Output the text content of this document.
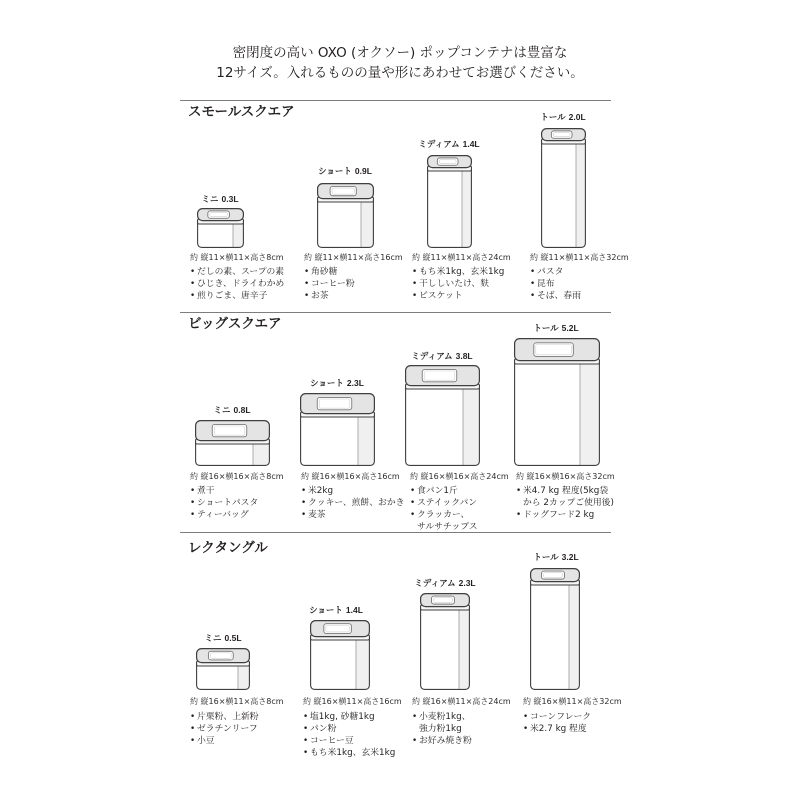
密閉度の高い OXO (オクソー) ポップコンテナは豊富な
12サイズ。入れるものの量や形にあわせてお選びください。
スモールスクエア
ミニ 0.3L
約 縦11×横11×高さ8cm
• だしの素、スープの素
• ひじき、ドライわかめ
• 煎りごま、唐辛子
ショート 0.9L
約 縦11×横11×高さ16cm
• 角砂糖
• コーヒー粉
• お茶
ミディアム 1.4L
約 縦11×横11×高さ24cm
• もち米1kg、玄米1kg
• 干ししいたけ、麩
• ビスケット
トール 2.0L
約 縦11×横11×高さ32cm
• パスタ
• 昆布
• そば、春雨
ビッグスクエア
ミニ 0.8L
約 縦16×横16×高さ8cm
• 煮干
• ショートパスタ
• ティーバッグ
ショート 2.3L
約 縦16×横16×高さ16cm
• 米2kg
• クッキー、煎餅、おかき
• 麦茶
ミディアム 3.8L
約 縦16×横16×高さ24cm
• 食パン1斤
• ステイックパン
• クラッカー、
サルサチップス
トール 5.2L
約 縦16×横16×高さ32cm
• 米4.7 kg 程度(5kg袋
から 2カップご使用後)
• ドッグフード2 kg
レクタングル
ミニ 0.5L
約 縦16×横11×高さ8cm
• 片栗粉、上新粉
• ゼラチンリーフ
• 小豆
ショート 1.4L
約 縦16×横11×高さ16cm
• 塩1kg, 砂糖1kg
• パン粉
• コーヒー豆
• もち米1kg、玄米1kg
ミディアム 2.3L
約 縦16×横11×高さ24cm
• 小麦粉1kg、
強力粉1kg
• お好み焼き粉
トール 3.2L
約 縦16×横11×高さ32cm
• コーンフレーク
• 米2.7 kg 程度
